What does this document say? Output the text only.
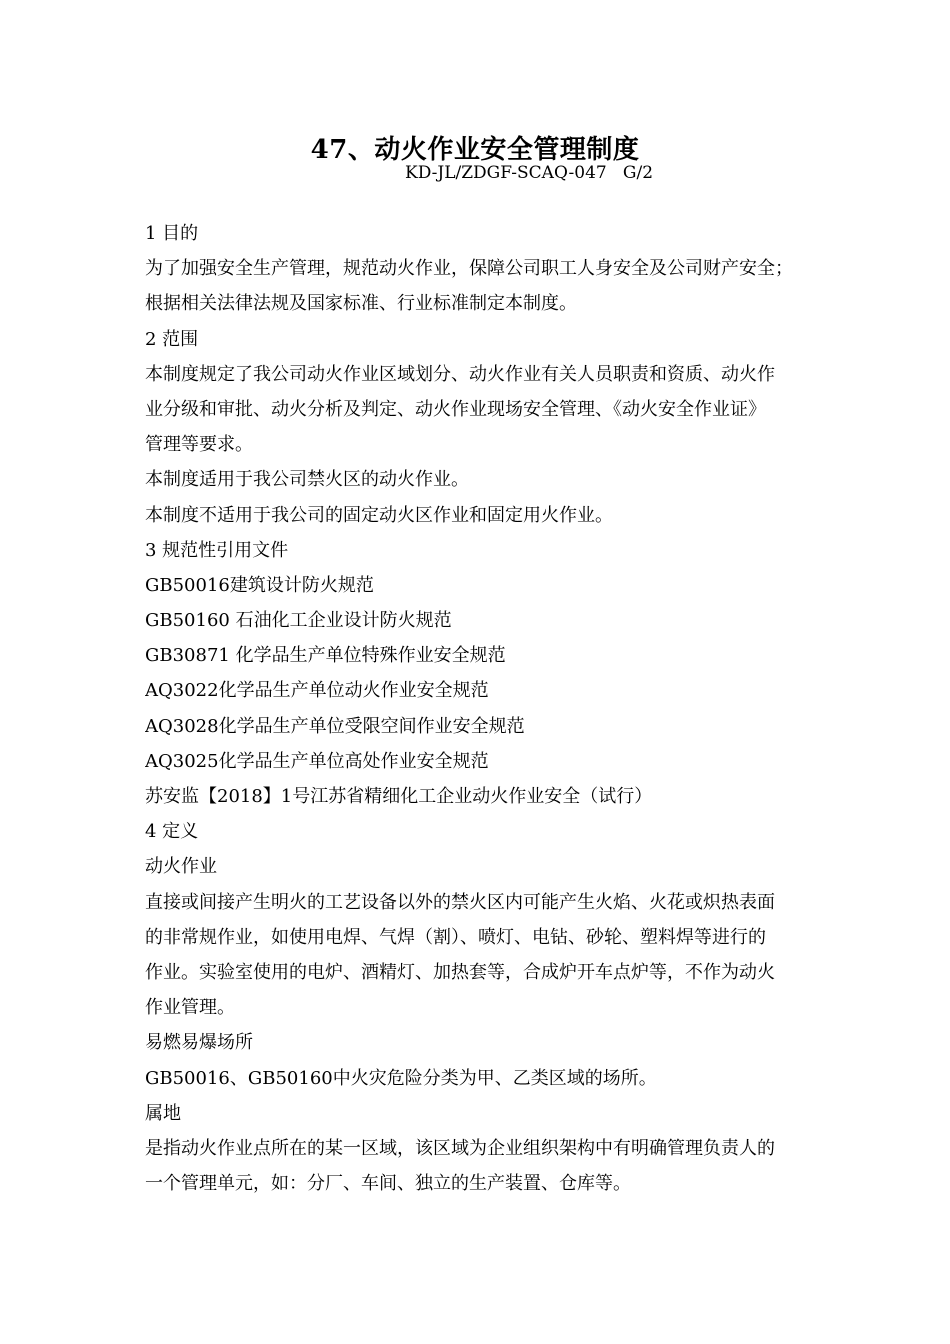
47、动火作业安全管理制度
KD-JL/ZDGF-SCAQ-047   G/2
1 目的
为了加强安全生产管理，规范动火作业，保障公司职工人身安全及公司财产安全；
根据相关法律法规及国家标准、行业标准制定本制度。
2 范围
本制度规定了我公司动火作业区域划分、动火作业有关人员职责和资质、动火作
业分级和审批、动火分析及判定、动火作业现场安全管理、《动火安全作业证》
管理等要求。
本制度适用于我公司禁火区的动火作业。
本制度不适用于我公司的固定动火区作业和固定用火作业。
3 规范性引用文件
GB50016建筑设计防火规范
GB50160 石油化工企业设计防火规范
GB30871 化学品生产单位特殊作业安全规范
AQ3022化学品生产单位动火作业安全规范
AQ3028化学品生产单位受限空间作业安全规范
AQ3025化学品生产单位高处作业安全规范
苏安监【2018】1号江苏省精细化工企业动火作业安全（试行）
4 定义
动火作业
直接或间接产生明火的工艺设备以外的禁火区内可能产生火焰、火花或炽热表面
的非常规作业，如使用电焊、气焊（割）、喷灯、电钻、砂轮、塑料焊等进行的
作业。实验室使用的电炉、酒精灯、加热套等，合成炉开车点炉等，不作为动火
作业管理。
易燃易爆场所
GB50016、GB50160中火灾危险分类为甲、乙类区域的场所。
属地
是指动火作业点所在的某一区域，该区域为企业组织架构中有明确管理负责人的
一个管理单元，如：分厂、车间、独立的生产装置、仓库等。
